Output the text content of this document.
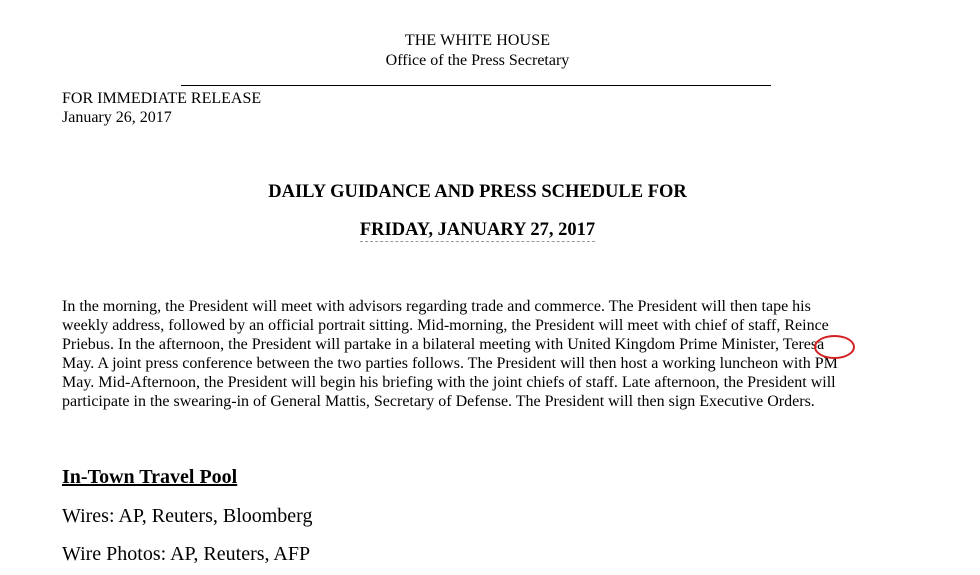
THE WHITE HOUSE
Office of the Press Secretary
FOR IMMEDIATE RELEASE
January 26, 2017
DAILY GUIDANCE AND PRESS SCHEDULE FOR
FRIDAY, JANUARY 27, 2017
In the morning, the President will meet with advisors regarding trade and commerce. The President will then tape his
weekly address, followed by an official portrait sitting. Mid-morning, the President will meet with chief of staff, Reince
Priebus. In the afternoon, the President will partake in a bilateral meeting with United Kingdom Prime Minister, Teresa
May. A joint press conference between the two parties follows. The President will then host a working luncheon with PM
May. Mid-Afternoon, the President will begin his briefing with the joint chiefs of staff. Late afternoon, the President will
participate in the swearing-in of General Mattis, Secretary of Defense. The President will then sign Executive Orders.
In-Town Travel Pool
Wires: AP, Reuters, Bloomberg
Wire Photos: AP, Reuters, AFP
